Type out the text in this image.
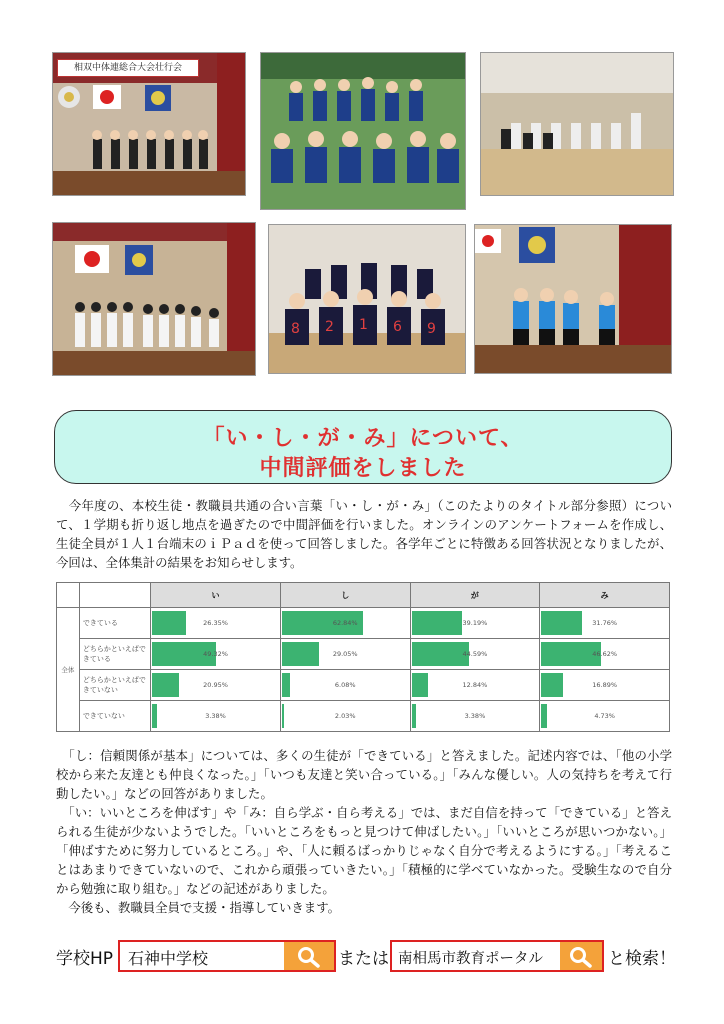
相双中体連総合大会壮行会
8 2 1 6 9
「い・し・が・み」について、
中間評価をしました

　今年度の、本校生徒・教職員共通の合い言葉「い・し・が・み」（このたよりのタイトル部分参照）について、１学期も折り返し地点を過ぎたので中間評価を行いました。オンラインのアンケートフォームを作成し、生徒全員が１人１台端末のｉＰａｄを使って回答しました。各学年ごとに特徴ある回答状況となりましたが、今回は、全体集計の結果をお知らせします。

		い	し	が	み
全体	できている	26.35%	62.84%	39.19%	31.76%

	どちらかといえばできている	49.32%	29.05%	44.59%	46.62%

	どちらかといえばできていない	20.95%	6.08%	12.84%	16.89%

	できていない	3.38%	2.03%	3.38%	4.73%

　「し：信頼関係が基本」については、多くの生徒が「できている」と答えました。記述内容では、「他の小学校から来た友達とも仲良くなった。」「いつも友達と笑い合っている。」「みんな優しい。人の気持ちを考えて行動したい。」などの回答がありました。

　「い：いいところを伸ばす」や「み：自ら学ぶ・自ら考える」では、まだ自信を持って「できている」と答えられる生徒が少ないようでした。「いいところをもっと見つけて伸ばしたい。」「いいところが思いつかない。」「伸ばすために努力しているところ。」や、「人に頼るばっかりじゃなく自分で考えるようにする。」「考えることはあまりできていないので、これから頑張っていきたい。」「積極的に学べていなかった。受験生なので自分から勉強に取り組む。」などの記述がありました。

　今後も、教職員全員で支援・指導していきます。

学校HP 石神中学校	または 南相馬市教育ポータル	と検索！
